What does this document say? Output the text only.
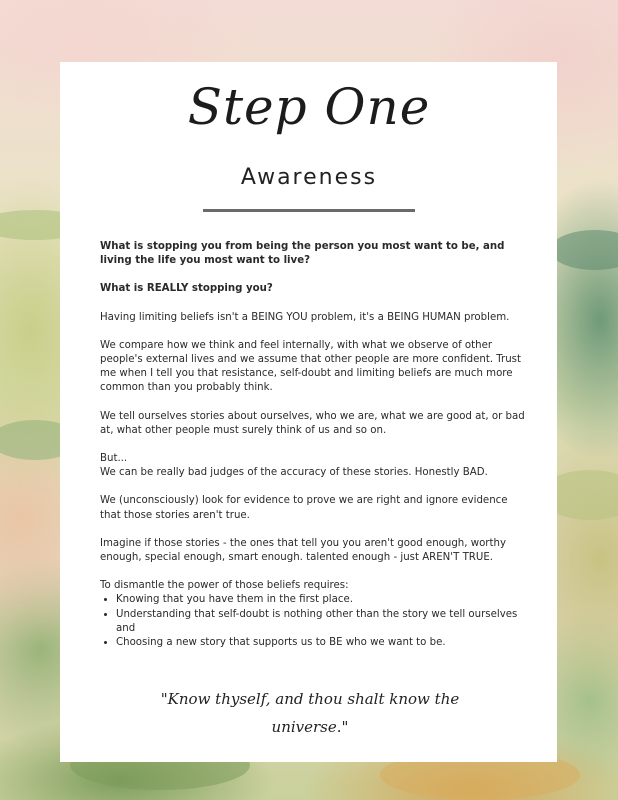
Step One
Awareness

What is stopping you from being the person you most want to be, and living the life you most want to live?

What is REALLY stopping you?

Having limiting beliefs isn't a BEING YOU problem, it's a BEING HUMAN problem.

We compare how we think and feel internally, with what we observe of other people's external lives and we assume that other people are more confident. Trust me when I tell you that resistance, self-doubt and limiting beliefs are much more common than you probably think.

We tell ourselves stories about ourselves, who we are, what we are good at, or bad at, what other people must surely think of us and so on.

But...

We can be really bad judges of the accuracy of these stories. Honestly BAD.

We (unconsciously) look for evidence to prove we are right and ignore evidence that those stories aren't true.

Imagine if those stories - the ones that tell you you aren't good enough, worthy enough, special enough, smart enough. talented enough - just AREN'T TRUE.

To dismantle the power of those beliefs requires:

• Knowing that you have them in the first place.
• Understanding that self-doubt is nothing other than the story we tell ourselves and
• Choosing a new story that supports us to BE who we want to be.
"Know thyself, and thou shalt know the universe."
